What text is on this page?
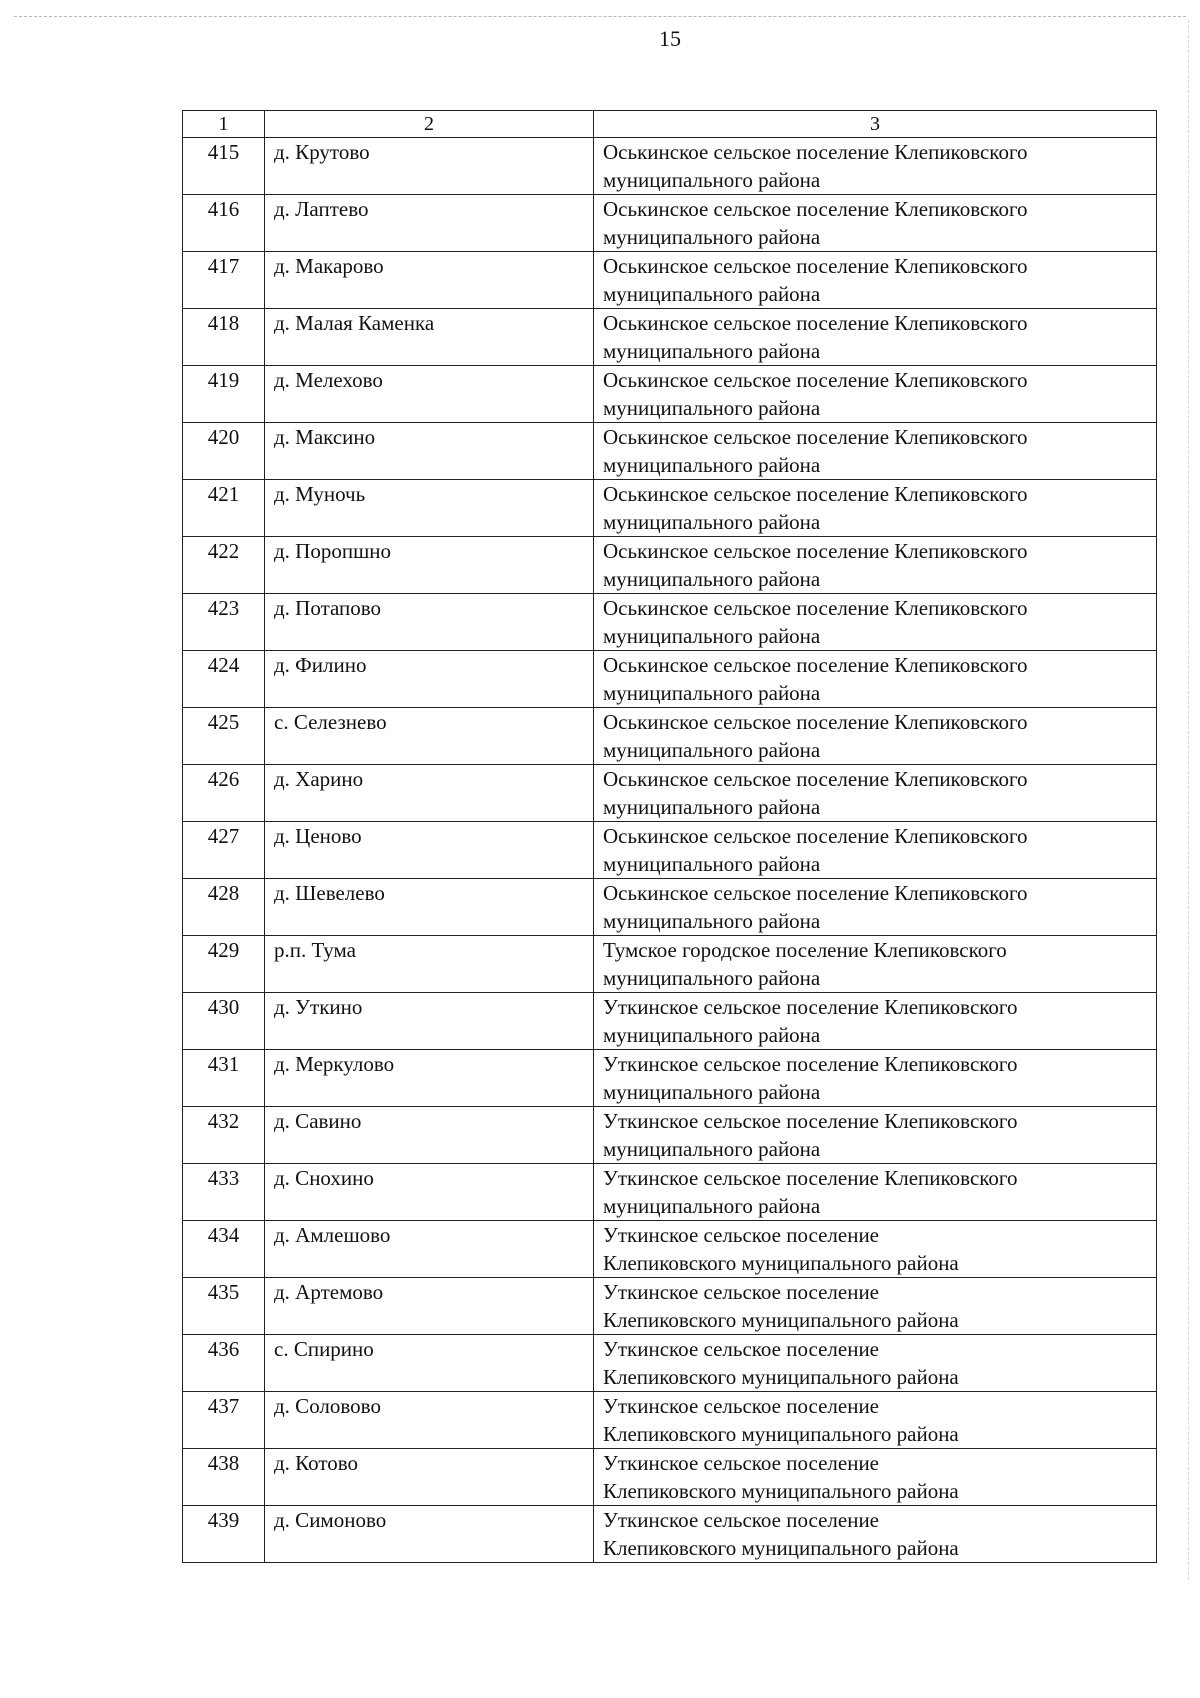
15
1	2	3
415	д. Крутово	Оськинское сельское поселение Клепиковского
муниципального района

416	д. Лаптево	Оськинское сельское поселение Клепиковского
муниципального района

417	д. Макарово	Оськинское сельское поселение Клепиковского
муниципального района

418	д. Малая Каменка	Оськинское сельское поселение Клепиковского
муниципального района

419	д. Мелехово	Оськинское сельское поселение Клепиковского
муниципального района

420	д. Максино	Оськинское сельское поселение Клепиковского
муниципального района

421	д. Муночь	Оськинское сельское поселение Клепиковского
муниципального района

422	д. Поропшно	Оськинское сельское поселение Клепиковского
муниципального района

423	д. Потапово	Оськинское сельское поселение Клепиковского
муниципального района

424	д. Филино	Оськинское сельское поселение Клепиковского
муниципального района

425	с. Селезнево	Оськинское сельское поселение Клепиковского
муниципального района

426	д. Харино	Оськинское сельское поселение Клепиковского
муниципального района

427	д. Ценово	Оськинское сельское поселение Клепиковского
муниципального района

428	д. Шевелево	Оськинское сельское поселение Клепиковского
муниципального района

429	р.п. Тума	Тумское городское поселение Клепиковского
муниципального района

430	д. Уткино	Уткинское сельское поселение Клепиковского
муниципального района

431	д. Меркулово	Уткинское сельское поселение Клепиковского
муниципального района

432	д. Савино	Уткинское сельское поселение Клепиковского
муниципального района

433	д. Снохино	Уткинское сельское поселение Клепиковского
муниципального района

434	д. Амлешово	Уткинское сельское поселение
Клепиковского муниципального района

435	д. Артемово	Уткинское сельское поселение
Клепиковского муниципального района

436	с. Спирино	Уткинское сельское поселение
Клепиковского муниципального района

437	д. Соловово	Уткинское сельское поселение
Клепиковского муниципального района

438	д. Котово	Уткинское сельское поселение
Клепиковского муниципального района

439	д. Симоново	Уткинское сельское поселение
Клепиковского муниципального района
